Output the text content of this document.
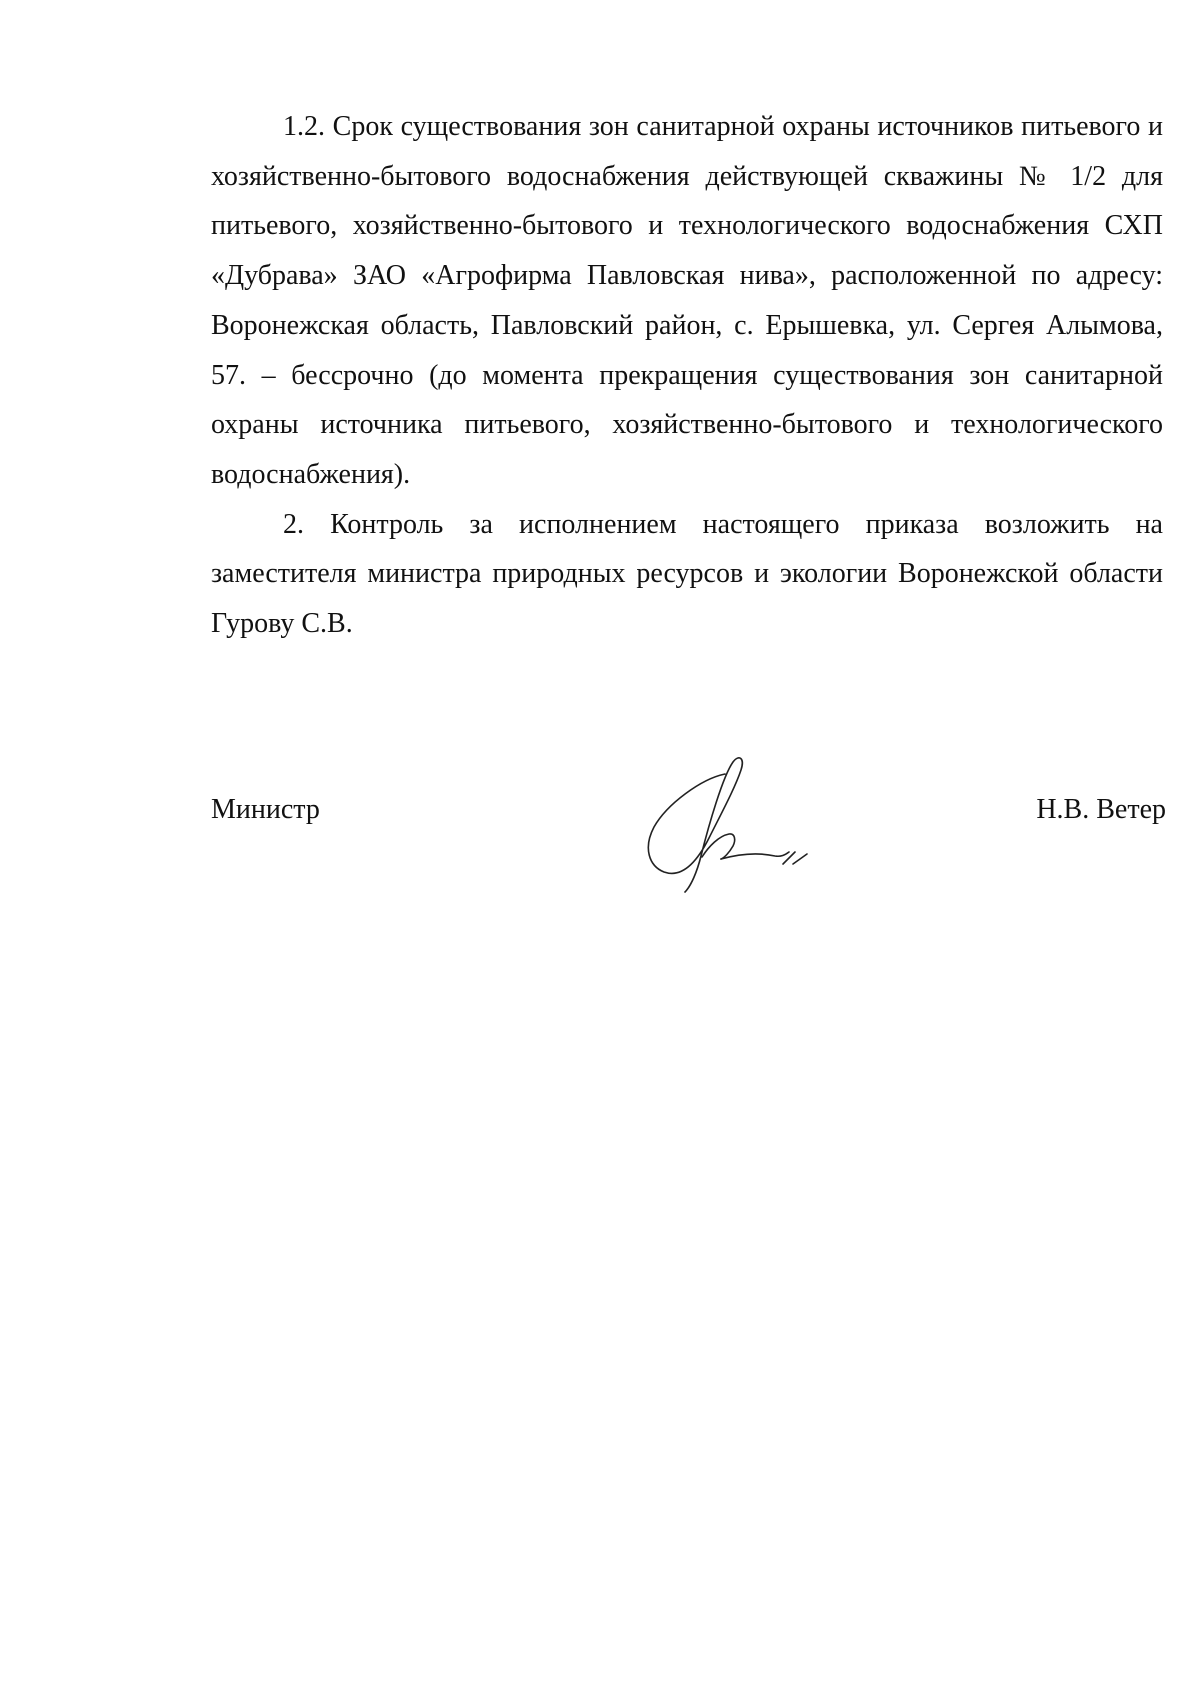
1.2. Срок существования зон санитарной охраны источников питьевого и хозяйственно-бытового водоснабжения действующей скважины № 1/2 для питьевого, хозяйственно-бытового и технологического водоснабжения СХП «Дубрава» ЗАО «Агрофирма Павловская нива», расположенной по адресу: Воронежская область, Павловский район, с. Ерышевка, ул. Сергея Алымова, 57. – бессрочно (до момента прекращения существования зон санитарной охраны источника питьевого, хозяйственно-бытового и технологического водоснабжения).

2. Контроль за исполнением настоящего приказа возложить на заместителя министра природных ресурсов и экологии Воронежской области Гурову С.В.

Министр	Н.В. Ветер
